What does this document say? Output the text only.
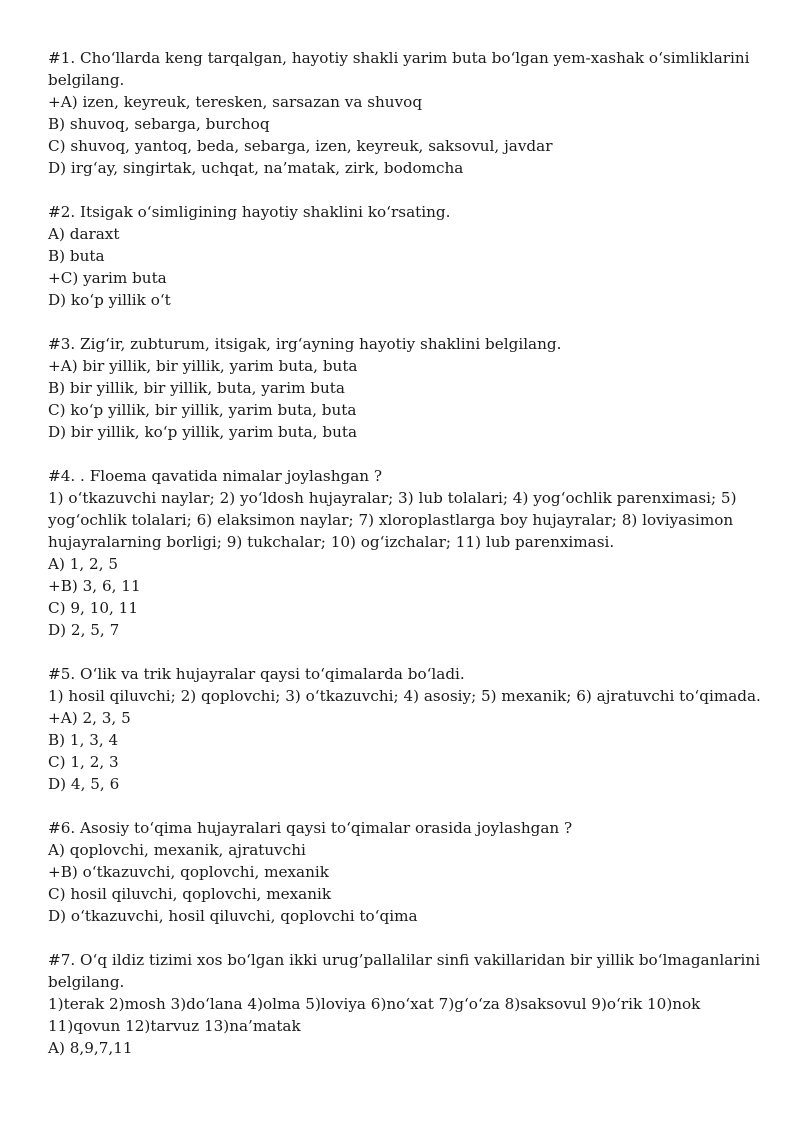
#1. Cho‘llarda keng tarqalgan, hayotiy shakli yarim buta bo‘lgan yem-xashak o‘simliklarini belgilang.
+A) izen, keyreuk, teresken, sarsazan va shuvoq
B) shuvoq, sebarga, burchoq
C) shuvoq, yantoq, beda, sebarga, izen, keyreuk, saksovul, javdar
D) irg‘ay, singirtak, uchqat, na’matak, zirk, bodomcha
#2. Itsigak o‘simligining hayotiy shaklini ko‘rsating.
A) daraxt
B) buta
+C) yarim buta
D) ko‘p yillik o‘t
#3. Zig‘ir, zubturum, itsigak, irg‘ayning hayotiy shaklini belgilang.
+A) bir yillik, bir yillik, yarim buta, buta
B) bir yillik, bir yillik, buta, yarim buta
C) ko‘p yillik, bir yillik, yarim buta, buta
D) bir yillik, ko‘p yillik, yarim buta, buta
#4. . Floema qavatida nimalar joylashgan ?
1) o‘tkazuvchi naylar; 2) yo‘ldosh hujayralar; 3) lub tolalari; 4) yog‘ochlik parenximasi; 5) yog‘ochlik tolalari; 6) elaksimon naylar; 7) xloroplastlarga boy hujayralar; 8) loviyasimon hujayralarning borligi; 9) tukchalar; 10) og‘izchalar; 11) lub parenximasi.
A) 1, 2, 5
+B) 3, 6, 11
C) 9, 10, 11
D) 2, 5, 7
#5. O‘lik va trik hujayralar qaysi to‘qimalarda bo‘ladi.
1) hosil qiluvchi; 2) qoplovchi; 3) o‘tkazuvchi; 4) asosiy; 5) mexanik; 6) ajratuvchi to‘qimada.
+A) 2, 3, 5
B) 1, 3, 4
C) 1, 2, 3
D) 4, 5, 6
#6. Asosiy to‘qima hujayralari qaysi to‘qimalar orasida joylashgan ?
A) qoplovchi, mexanik, ajratuvchi
+B) o‘tkazuvchi, qoplovchi, mexanik
C) hosil qiluvchi, qoplovchi, mexanik
D) o‘tkazuvchi, hosil qiluvchi, qoplovchi to‘qima
#7. O‘q ildiz tizimi xos bo‘lgan ikki urug’pallalilar sinfi vakillaridan bir yillik bo‘lmaganlarini belgilang.
1)terak 2)mosh 3)do‘lana 4)olma 5)loviya 6)no‘xat 7)g‘o‘za 8)saksovul 9)o‘rik 10)nok 11)qovun 12)tarvuz 13)na’matak
A) 8,9,7,11
